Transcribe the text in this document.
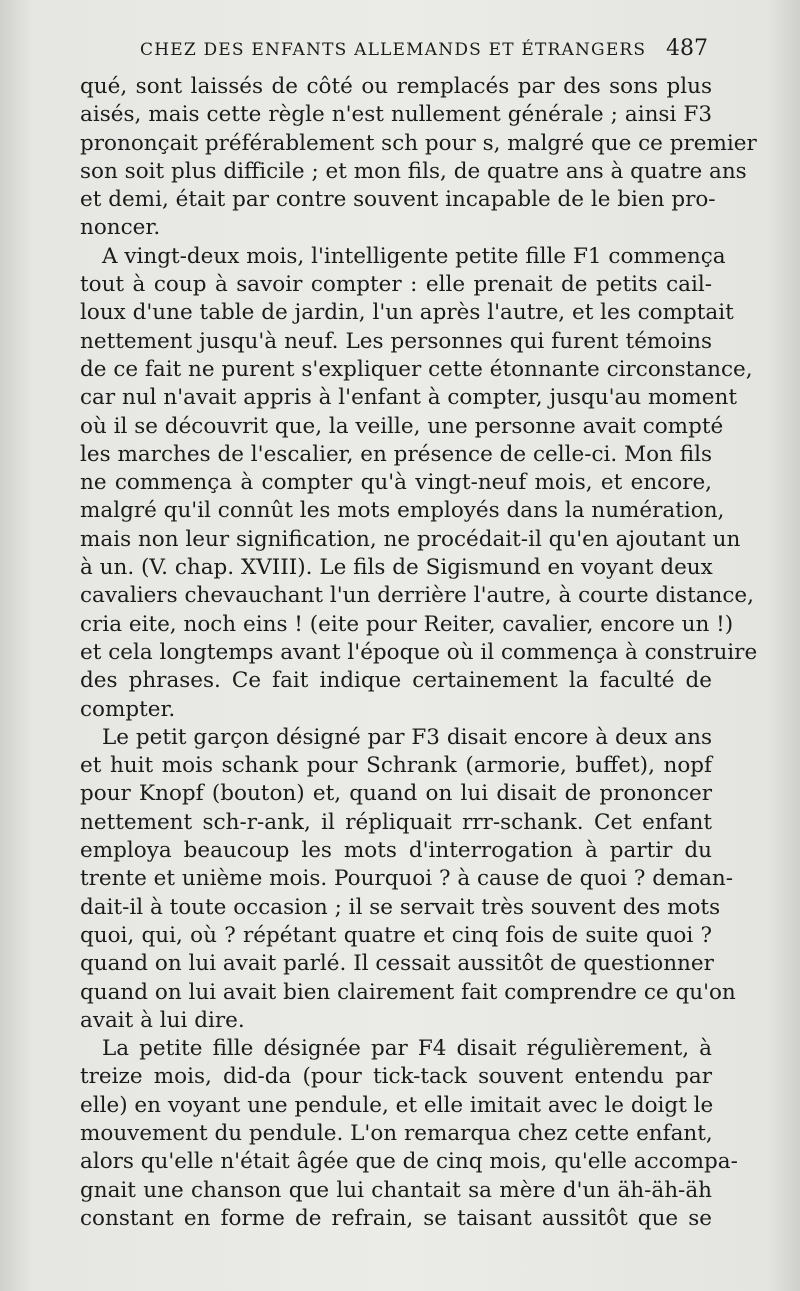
CHEZ DES ENFANTS ALLEMANDS ET ÉTRANGERS 487
qué, sont laissés de côté ou remplacés par des sons plus
aisés, mais cette règle n'est nullement générale ; ainsi F3
prononçait préférablement sch pour s, malgré que ce premier
son soit plus difficile ; et mon fils, de quatre ans à quatre ans
et demi, était par contre souvent incapable de le bien pro-
noncer.
A vingt-deux mois, l'intelligente petite fille F1 commença
tout à coup à savoir compter : elle prenait de petits cail-
loux d'une table de jardin, l'un après l'autre, et les comptait
nettement jusqu'à neuf. Les personnes qui furent témoins
de ce fait ne purent s'expliquer cette étonnante circonstance,
car nul n'avait appris à l'enfant à compter, jusqu'au moment
où il se découvrit que, la veille, une personne avait compté
les marches de l'escalier, en présence de celle-ci. Mon fils
ne commença à compter qu'à vingt-neuf mois, et encore,
malgré qu'il connût les mots employés dans la numération,
mais non leur signification, ne procédait-il qu'en ajoutant un
à un. (V. chap. XVIII). Le fils de Sigismund en voyant deux
cavaliers chevauchant l'un derrière l'autre, à courte distance,
cria eite, noch eins ! (eite pour Reiter, cavalier, encore un !)
et cela longtemps avant l'époque où il commença à construire
des phrases. Ce fait indique certainement la faculté de
compter.
Le petit garçon désigné par F3 disait encore à deux ans
et huit mois schank pour Schrank (armorie, buffet), nopf
pour Knopf (bouton) et, quand on lui disait de prononcer
nettement sch-r-ank, il répliquait rrr-schank. Cet enfant
employa beaucoup les mots d'interrogation à partir du
trente et unième mois. Pourquoi ? à cause de quoi ? deman-
dait-il à toute occasion ; il se servait très souvent des mots
quoi, qui, où ? répétant quatre et cinq fois de suite quoi ?
quand on lui avait parlé. Il cessait aussitôt de questionner
quand on lui avait bien clairement fait comprendre ce qu'on
avait à lui dire.
La petite fille désignée par F4 disait régulièrement, à
treize mois, did-da (pour tick-tack souvent entendu par
elle) en voyant une pendule, et elle imitait avec le doigt le
mouvement du pendule. L'on remarqua chez cette enfant,
alors qu'elle n'était âgée que de cinq mois, qu'elle accompa-
gnait une chanson que lui chantait sa mère d'un äh-äh-äh
constant en forme de refrain, se taisant aussitôt que se
